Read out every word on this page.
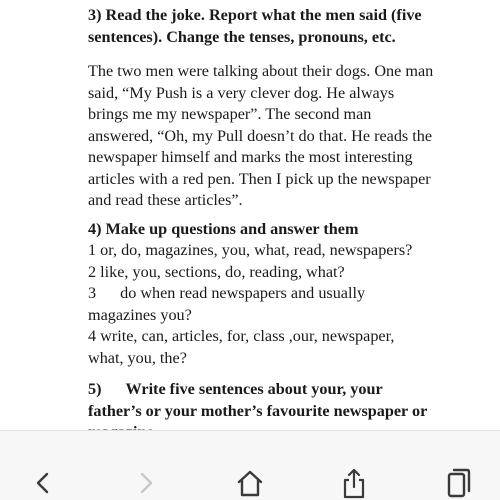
3) Read the joke. Report what the men said (five
sentences). Change the tenses, pronouns, etc.
The two men were talking about their dogs. One man
said, “My Push is a very clever dog. He always
brings me my newspaper”. The second man
answered, “Oh, my Pull doesn’t do that. He reads the
newspaper himself and marks the most interesting
articles with a red pen. Then I pick up the newspaper
and read these articles”.
4) Make up questions and answer them
1 or, do, magazines, you, what, read, newspapers?
2 like, you, sections, do, reading, what?
3 do when read newspapers and usually
magazines you?
4 write, can, articles, for, class ,our, newspaper,
what, you, the?
5) Write five sentences about your, your
father’s or your mother’s favourite newspaper or
